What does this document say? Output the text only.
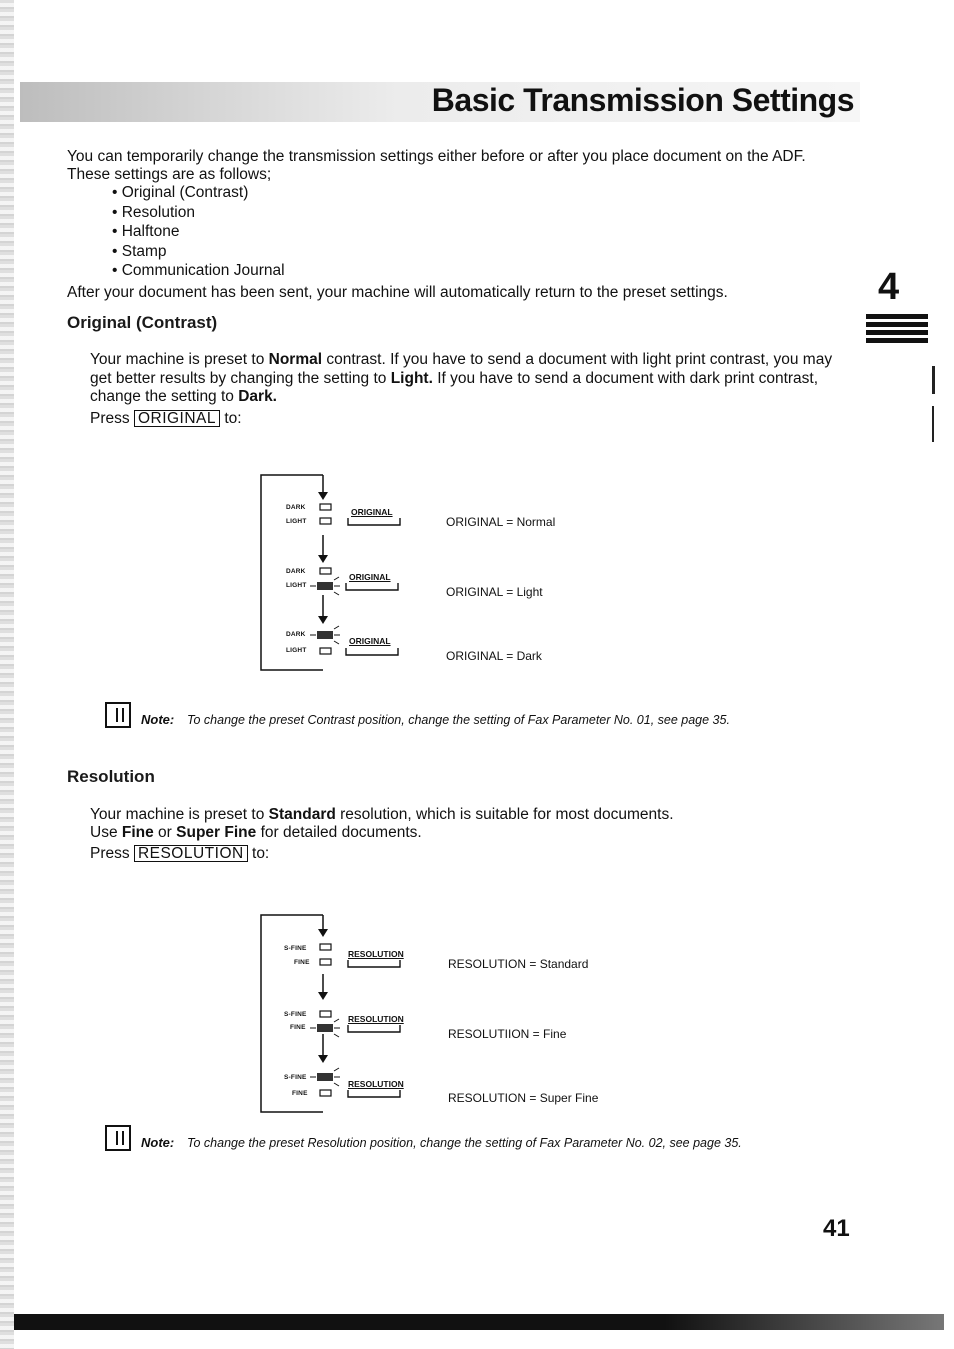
Basic Transmission Settings

You can temporarily change the transmission settings either before or after you place document on the ADF.

These settings are as follows;

• Original (Contrast)
• Resolution
• Halftone
• Stamp
• Communication Journal

After your document has been sent, your machine will automatically return to the preset settings.	4
Original (Contrast)

Your machine is preset to Normal contrast. If you have to send a document with light print contrast, you may

get better results by changing the setting to Light. If you have to send a document with dark print contrast,

change the setting to Dark.

Press ORIGINAL to:

DARK
LIGHT
ORIGINAL
ORIGINAL = Normal
DARK
LIGHT
ORIGINAL
ORIGINAL = Light
DARK
LIGHT
ORIGINAL
ORIGINAL = Dark
Note: To change the preset Contrast position, change the setting of Fax Parameter No. 01, see page 35.
Resolution

Your machine is preset to Standard resolution, which is suitable for most documents.

Use Fine or Super Fine for detailed documents.

Press RESOLUTION to:

S-FINE
FINE
RESOLUTION
RESOLUTION = Standard
S-FINE
FINE
RESOLUTION
RESOLUTIION = Fine
S-FINE
FINE
RESOLUTION
RESOLUTION = Super Fine
Note: To change the preset Resolution position, change the setting of Fax Parameter No. 02, see page 35.
41
